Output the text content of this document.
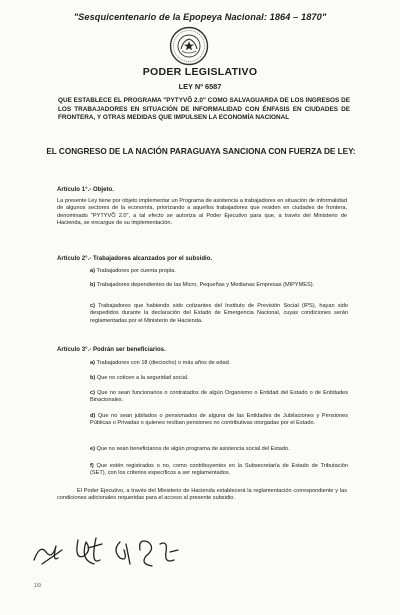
"Sesquicentenario de la Epopeya Nacional: 1864 – 1870"
PODER LEGISLATIVO
LEY Nº 6587
QUE ESTABLECE EL PROGRAMA "PYTYVÕ 2.0" COMO SALVAGUARDA DE LOS INGRESOS DE LOS TRABAJADORES EN SITUACIÓN DE INFORMALIDAD CON ÉNFASIS EN CIUDADES DE FRONTERA, Y OTRAS MEDIDAS QUE IMPULSEN LA ECONOMÍA NACIONAL
EL CONGRESO DE LA NACIÓN PARAGUAYA SANCIONA CON FUERZA DE LEY:
Artículo 1°.- Objeto.
La presente Ley tiene por objeto implementar un Programa de asistencia a trabajadores en situación de informalidad de algunos sectores de la economía, priorizando a aquellos trabajadores que residen en ciudades de frontera, denominado "PYTYVÕ 2.0", a tal efecto se autoriza al Poder Ejecutivo para que, a través del Ministerio de Hacienda, se encargue de su implementación.
Artículo 2°.- Trabajadores alcanzados por el subsidio.
a) Trabajadores por cuenta propia.
b) Trabajadores dependientes de las Micro, Pequeñas y Medianas Empresas (MIPYMES).
c) Trabajadores que habiendo sido cotizantes del Instituto de Previsión Social (IPS), hayan sido despedidos durante la declaración del Estado de Emergencia Nacional, cuyas condiciones serán reglamentadas por el Ministerio de Hacienda.
Artículo 3°.- Podrán ser beneficiarios.
a) Trabajadores con 18 (dieciocho) o más años de edad.
b) Que no coticen a la seguridad social.
c) Que no sean funcionarios o contratados de algún Organismo o Entidad del Estado o de Entidades Binacionales.
d) Que no sean jubilados o pensionados de alguna de las Entidades de Jubilaciones y Pensiones Públicas o Privadas o quienes reciban pensiones no contributivas otorgadas por el Estado.
e) Que no sean beneficiarios de algún programa de asistencia social del Estado.
f) Que estén registrados o no, como contribuyentes en la Subsecretaría de Estado de Tributación (SET), con los criterios específicos a ser reglamentados.
El Poder Ejecutivo, a través del Ministerio de Hacienda establecerá la reglamentación correspondiente y las condiciones adicionales requeridas para el acceso al presente subsidio.
1/9
